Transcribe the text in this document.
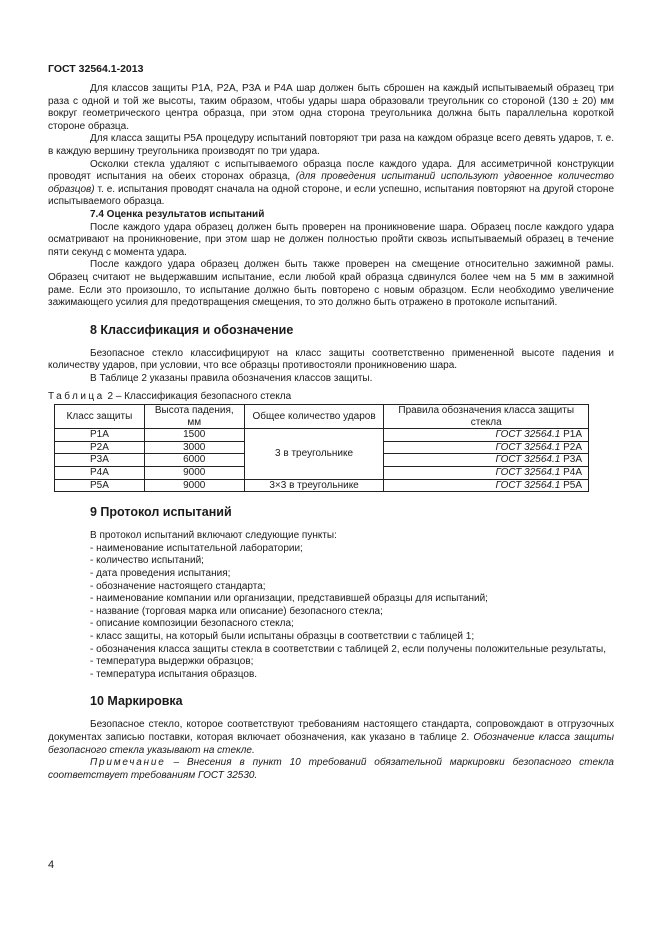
ГОСТ 32564.1-2013

Для классов защиты Р1А, Р2А, Р3А и Р4А шар должен быть сброшен на каждый испытываемый образец три раза с одной и той же высоты, таким образом, чтобы удары шара образовали треугольник со стороной (130 ± 20) мм вокруг геометрического центра образца, при этом одна сторона треугольника должна быть параллельна короткой стороне образца.

Для класса защиты Р5А процедуру испытаний повторяют три раза на каждом образце всего девять ударов, т. е. в каждую вершину треугольника производят по три удара.

Осколки стекла удаляют с испытываемого образца после каждого удара. Для ассиметричной конструкции проводят испытания на обеих сторонах образца, (для проведения испытаний используют удвоенное количество образцов) т. е. испытания проводят сначала на одной стороне, и если успешно, испытания повторяют на другой стороне испытываемого образца.

7.4 Оценка результатов испытаний

После каждого удара образец должен быть проверен на проникновение шара. Образец после каждого удара осматривают на проникновение, при этом шар не должен полностью пройти сквозь испытываемый образец в течение пяти секунд с момента удара.

После каждого удара образец должен быть также проверен на смещение относительно зажимной рамы. Образец считают не выдержавшим испытание, если любой край образца сдвинулся более чем на 5 мм в зажимной раме. Если это произошло, то испытание должно быть повторено с новым образцом. Если необходимо увеличение зажимающего усилия для предотвращения смещения, то это должно быть отражено в протоколе испытаний.

8 Классификация и обозначение

Безопасное стекло классифицируют на класс защиты соответственно примененной высоте падения и количеству ударов, при условии, что все образцы противостояли проникновению шара.

В Таблице 2 указаны правила обозначения классов защиты.

Таблица 2 – Классификация безопасного стекла

Класс защиты	Высота падения, мм	Общее количество ударов	Правила обозначения класса защиты стекла
Р1А	1500	3 в треугольнике	ГОСТ 32564.1 Р1А
Р2А	3000		ГОСТ 32564.1 Р2А
Р3А	6000		ГОСТ 32564.1 Р3А
Р4А	9000		ГОСТ 32564.1 Р4А
Р5А	9000	3×3 в треугольнике	ГОСТ 32564.1 Р5А
9 Протокол испытаний

В протокол испытаний включают следующие пункты:

- наименование испытательной лаборатории;

- количество испытаний;

- дата проведения испытания;

- обозначение настоящего стандарта;

- наименование компании или организации, представившей образцы для испытаний;

- название (торговая марка или описание) безопасного стекла;

- описание композиции безопасного стекла;

- класс защиты, на который были испытаны образцы в соответствии с таблицей 1;

- обозначения класса защиты стекла в соответствии с таблицей 2, если получены положительные результаты,

- температура выдержки образцов;

- температура испытания образцов.

10 Маркировка

Безопасное стекло, которое соответствуют требованиям настоящего стандарта, сопровождают в отгрузочных документах записью поставки, которая включает обозначения, как указано в таблице 2. Обозначение класса защиты безопасного стекла указывают на стекле.

Примечание – Внесения в пункт 10 требований обязательной маркировки безопасного стекла соответствует требованиям ГОСТ 32530.

4
